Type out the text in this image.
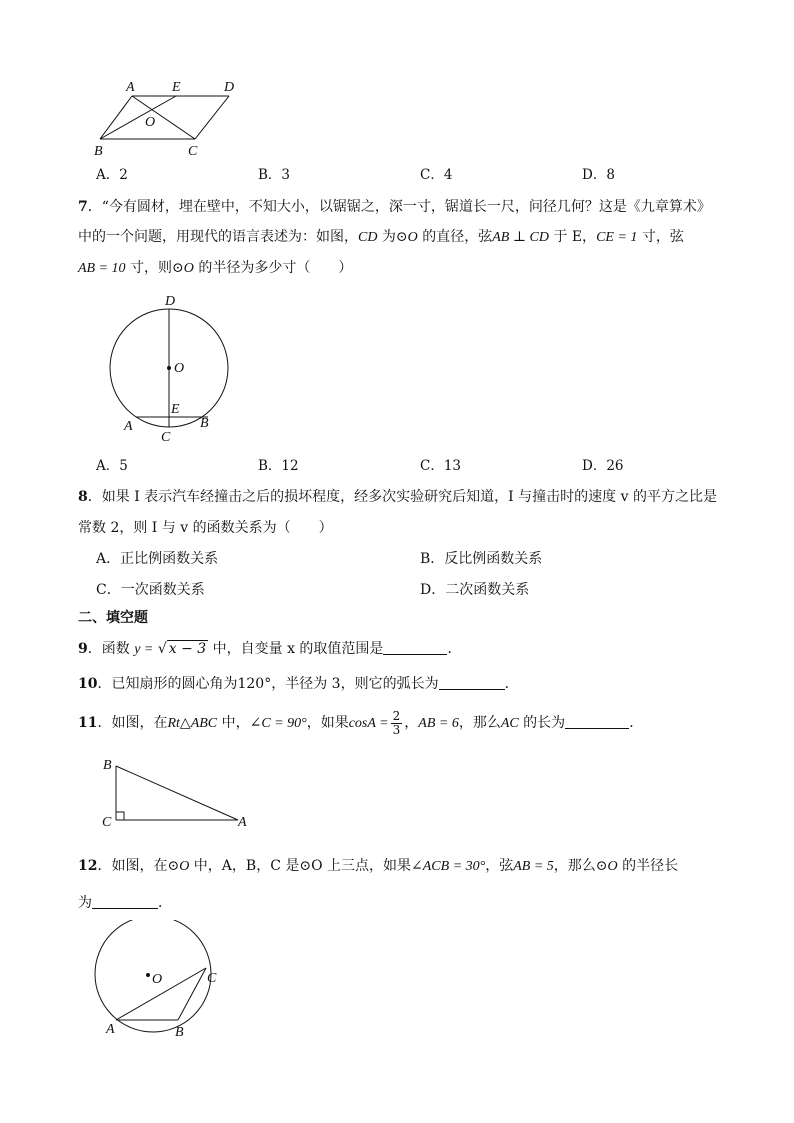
A	E	D
O
B	C
A．2	B．3	C．4	D．8
7．“今有圆材，埋在壁中，不知大小，以锯锯之，深一寸，锯道长一尺，问径几何？这是《九章算术》
中的一个问题，用现代的语言表述为：如图，CD 为⊙O 的直径，弦AB ⊥ CD 于 E，CE = 1 寸，弦
AB = 10 寸，则⊙O 的半径为多少寸（　　）
D
O
E
A	B
C
A．5	B．12	C．13	D．26
8．如果 I 表示汽车经撞击之后的损坏程度，经多次实验研究后知道，I 与撞击时的速度 v 的平方之比是
常数 2，则 I 与 v 的函数关系为（　　）
A．正比例函数关系	B．反比例函数关系
C．一次函数关系	D．二次函数关系
二、填空题
9．函数 y = √ x − 3 中，自变量 x 的取值范围是	．
10．已知扇形的圆心角为120°，半径为 3，则它的弧长为	．
11．如图，在Rt△ABC 中，∠C = 90°，如果$\cos A = \frac{2}{3}$ ，AB = 6，那么AC 的长为	．
B
C	A
12．如图，在⊙O 中，A，B，C 是⊙O 上三点，如果∠ACB = 30°，弦AB = 5，那么⊙O 的半径长
为	．
O	C
A	B
